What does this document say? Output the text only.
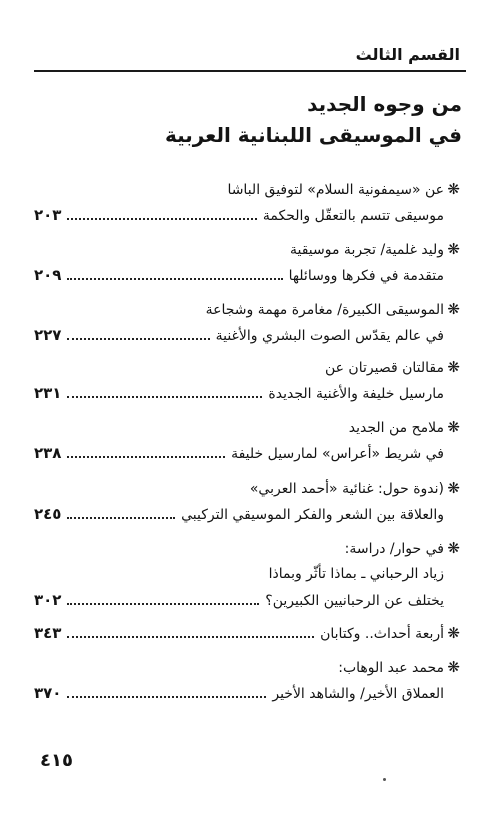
القسم الثالث
من وجوه الجديد
في الموسيقى اللبنانية العربية
❋
عن «سيمفونية السلام» لتوفيق الباشا
موسيقى تتسم بالتعقّل والحكمة
٢٠٣
❋
وليد غلمية/ تجربة موسيقية
متقدمة في فكرها ووسائلها
٢٠٩
❋
الموسيقى الكبيرة/ مغامرة مهمة وشجاعة
في عالم يقدّس الصوت البشري والأغنية
٢٢٧
❋
مقالتان قصيرتان عن
مارسيل خليفة والأغنية الجديدة
٢٣١
❋
ملامح من الجديد
في شريط «أعراس» لمارسيل خليفة
٢٣٨
❋
(ندوة حول: غنائية «أحمد العربي»
والعلاقة بين الشعر والفكر الموسيقي التركيبي
٢٤٥
❋
في حوار/ دراسة:
زياد الرحباني ـ بماذا تأثّر وبماذا
يختلف عن الرحبانيين الكبيرين؟
٣٠٢
❋
أربعة أحداث.. وكتابان
٣٤٣
❋
محمد عبد الوهاب:
العملاق الأخير/ والشاهد الأخير
٣٧٠
٤١٥
